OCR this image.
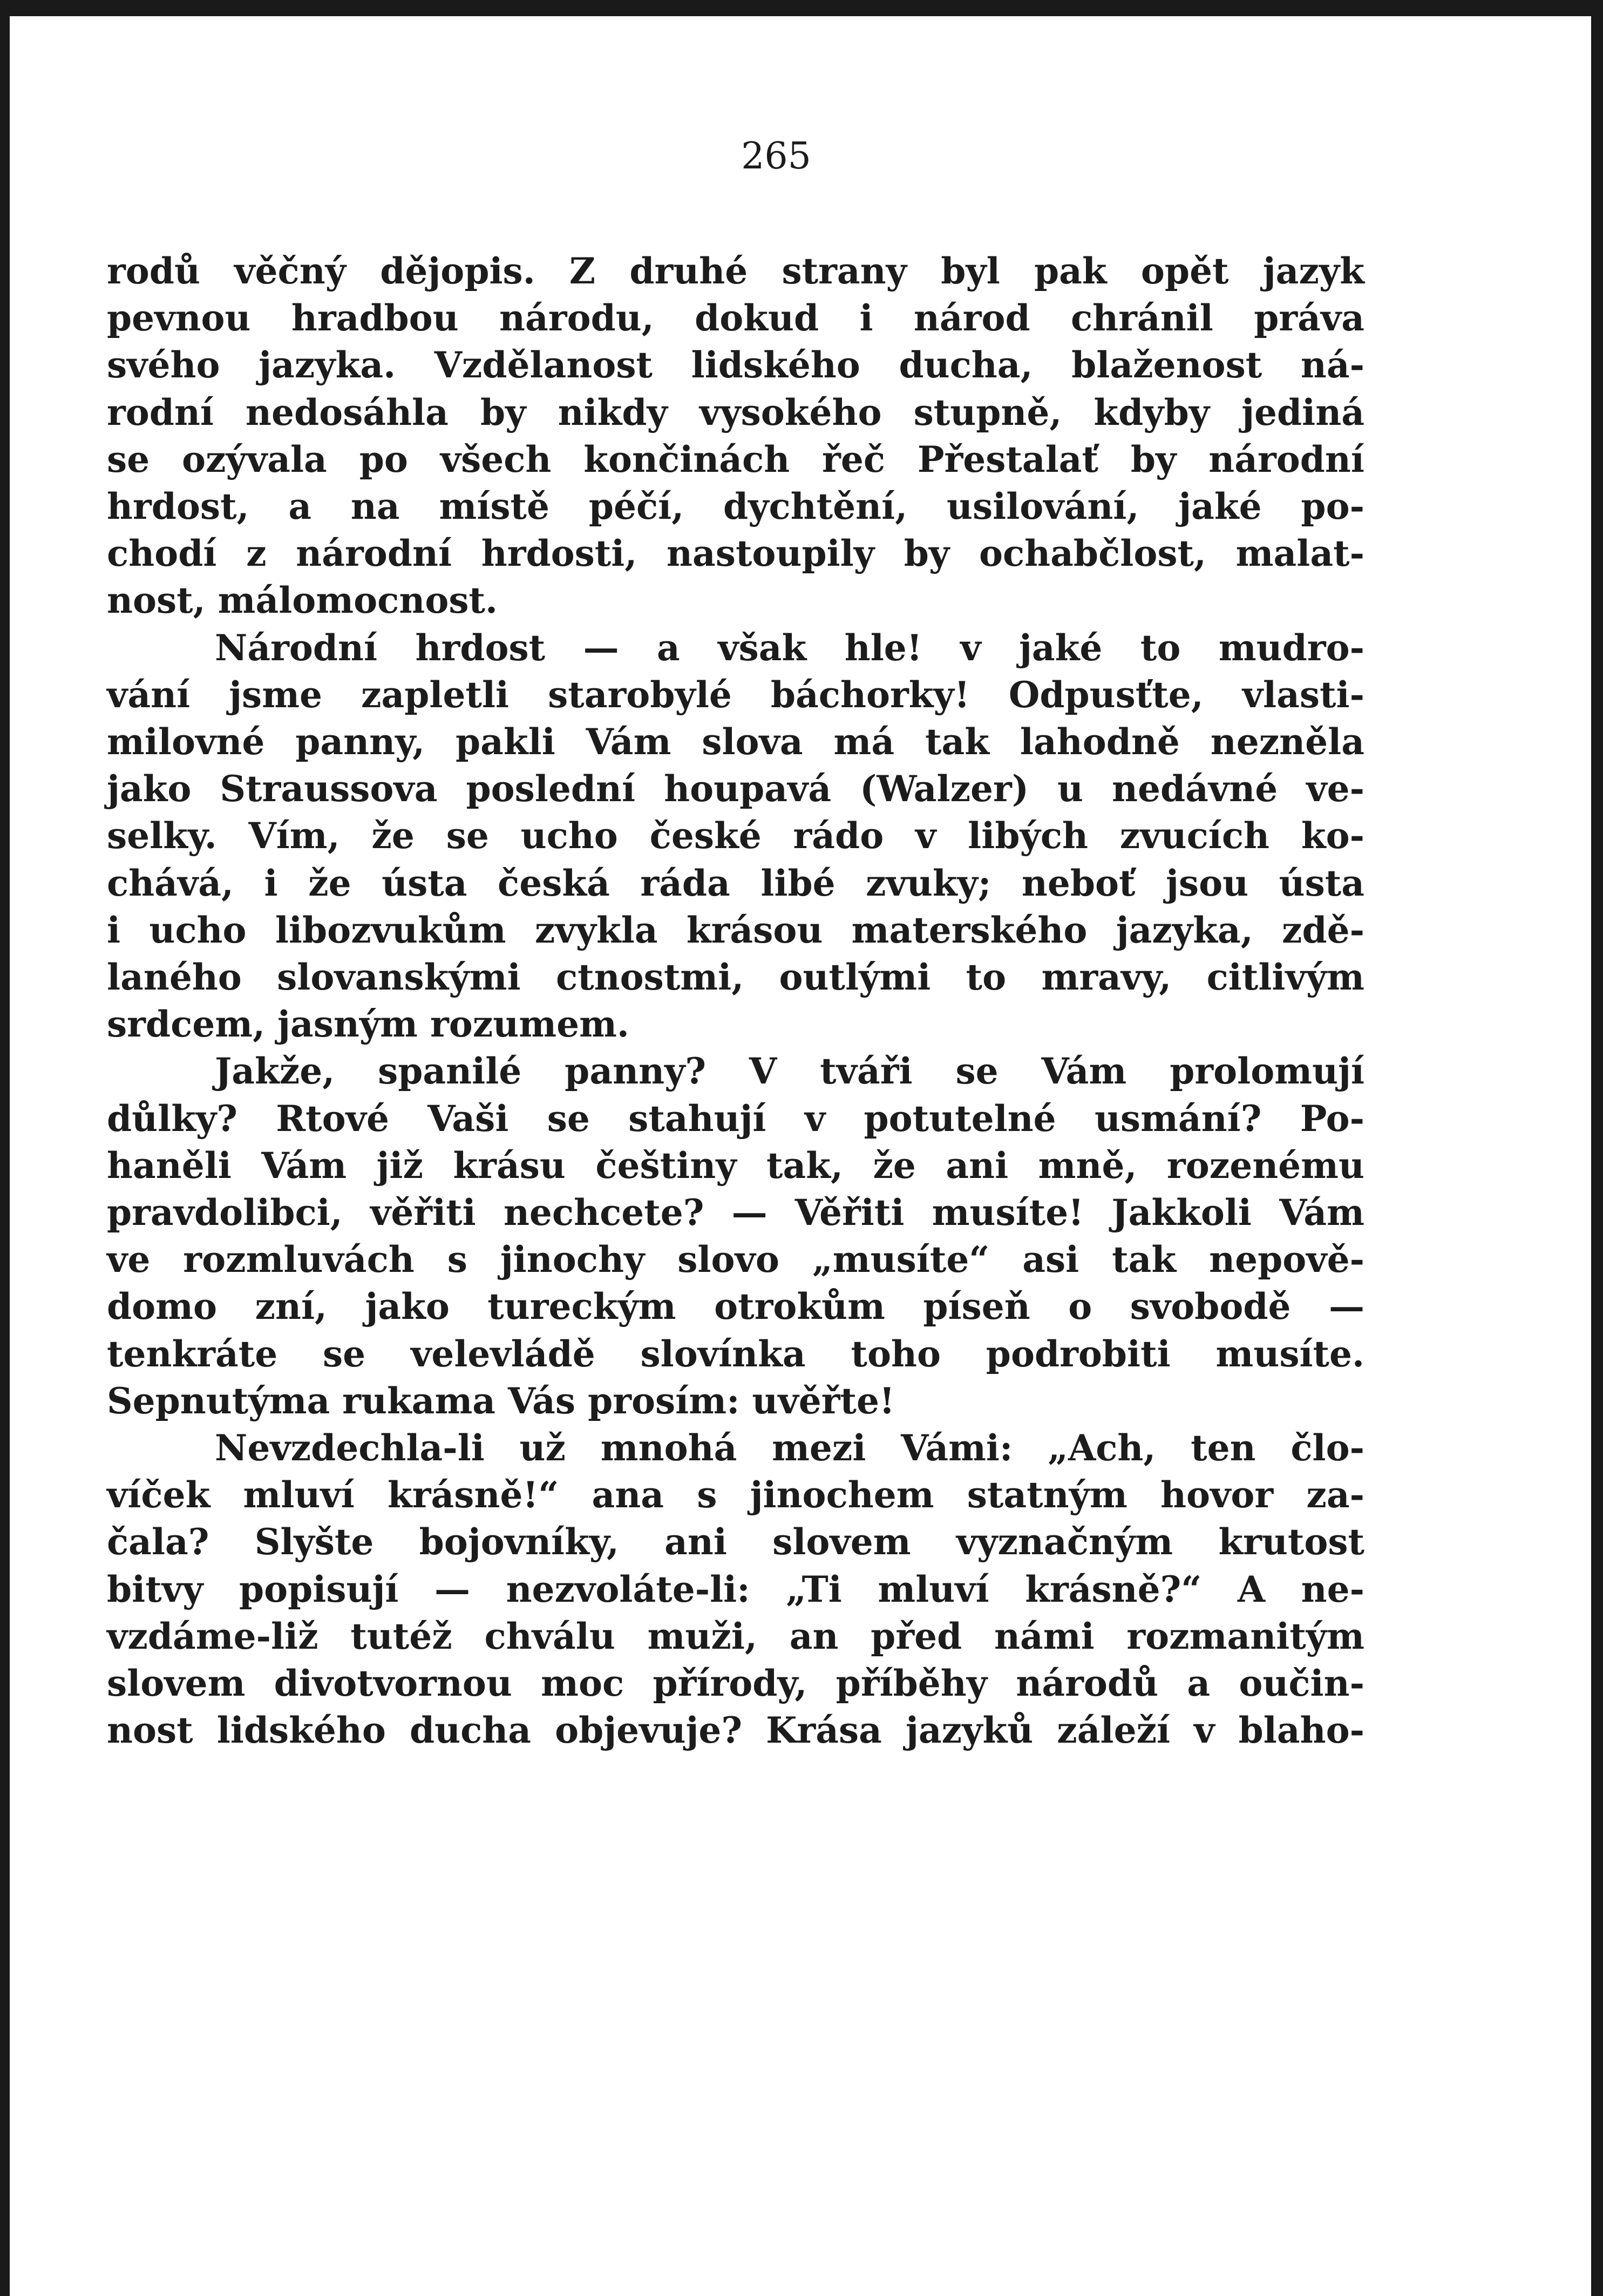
265

rodů věčný dějopis. Z druhé strany byl pak opět jazyk

pevnou hradbou národu, dokud i národ chránil práva

svého jazyka. Vzdělanost lidského ducha, blaženost ná-

rodní nedosáhla by nikdy vysokého stupně, kdyby jediná

se ozývala po všech končinách řeč Přestalať by národní

hrdost, a na místě péčí, dychtění, usilování, jaké po-

chodí z národní hrdosti, nastoupily by ochabčlost, malat-

nost, málomocnost.

Národní hrdost — a však hle! v jaké to mudro-

vání jsme zapletli starobylé báchorky! Odpusťte, vlasti-

milovné panny, pakli Vám slova má tak lahodně nezněla

jako Straussova poslední houpavá (Walzer) u nedávné ve-

selky. Vím, že se ucho české rádo v libých zvucích ko-

chává, i že ústa česká ráda libé zvuky; neboť jsou ústa

i ucho libozvukům zvykla krásou materského jazyka, zdě-

laného slovanskými ctnostmi, outlými to mravy, citlivým

srdcem, jasným rozumem.

Jakže, spanilé panny? V tváři se Vám prolomují

důlky? Rtové Vaši se stahují v potutelné usmání? Po-

haněli Vám již krásu češtiny tak, že ani mně, rozenému

pravdolibci, věřiti nechcete? — Věřiti musíte! Jakkoli Vám

ve rozmluvách s jinochy slovo „musíte“ asi tak nepově-

domo zní, jako tureckým otrokům píseň o svobodě —

tenkráte se velevládě slovínka toho podrobiti musíte.

Sepnutýma rukama Vás prosím: uvěřte!

Nevzdechla-li už mnohá mezi Vámi: „Ach, ten člo-

víček mluví krásně!“ ana s jinochem statným hovor za-

čala? Slyšte bojovníky, ani slovem vyznačným krutost

bitvy popisují — nezvoláte-li: „Ti mluví krásně?“ A ne-

vzdáme-liž tutéž chválu muži, an před námi rozmanitým

slovem divotvornou moc přírody, příběhy národů a oučin-

nost lidského ducha objevuje? Krása jazyků záleží v blaho-
